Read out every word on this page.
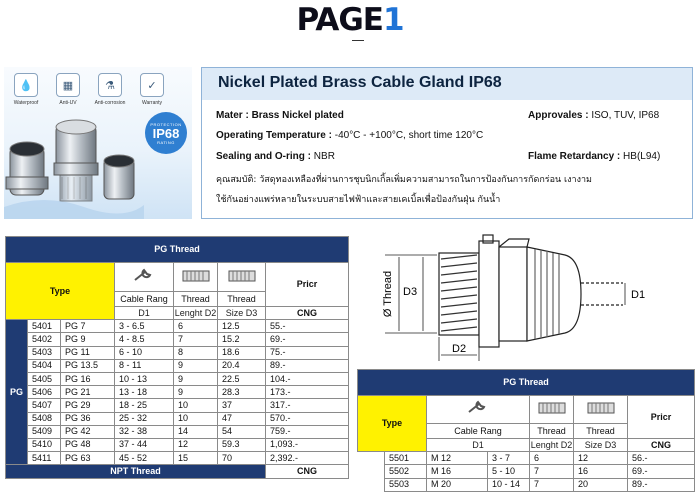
PAGE1
💧
Waterproof
▦
Anti-UV
⚗
Anti-corrosion
✓
Warranty
PROTECTION
IP68
RATING
Nickel Plated Brass Cable Gland IP68
Mater : Brass Nickel plated	Approvales : ISO, TUV, IP68
Operating Temperature : -40°C - +100°C, short time 120°C
Sealing and O-ring : NBR	Flame Retardancy : HB(L94)
คุณสมบัติ: วัสดุทองเหลืองที่ผ่านการชุบนิกเกิ้ลเพิ่มความสามารถในการป้องกันการกัดกร่อน เงางาม
ใช้กันอย่างแพร่หลายในระบบสายไฟฟ้าและสายเคเบิ้ลเพื่อป้องกันฝุ่น กันน้ำ
PG Thread						
Type						Pricr
			Cable Rang	Thread	Thread	
			D1	Lenght D2	Size D3	CNG
PG	5401	PG 7	3 - 6.5	6	12.5	55.-
	5402	PG 9	4 - 8.5	7	15.2	69.-
	5403	PG 11	6 - 10	8	18.6	75.-
	5404	PG 13.5	8 - 11	9	20.4	89.-
	5405	PG 16	10 - 13	9	22.5	104.-
	5406	PG 21	13 - 18	9	28.3	173.-
	5407	PG 29	18 - 25	10	37	317.-
	5408	PG 36	25 - 32	10	47	570.-
	5409	PG 42	32 - 38	14	54	759.-
	5410	PG 48	37 - 44	12	59.3	1,093.-
	5411	PG 63	45 - 52	15	70	2,392.-
NPT Thread						CNG
Ø Thread D3
D2
D1
PG Thread						
Type						Pricr
		Cable Rang		Thread	Thread	
		D1		Lenght D2	Size D3	CNG
	5501	M 12	3 - 7	6	12	56.-
	5502	M 16	5 - 10	7	16	69.-
	5503	M 20	10 - 14	7	20	89.-
